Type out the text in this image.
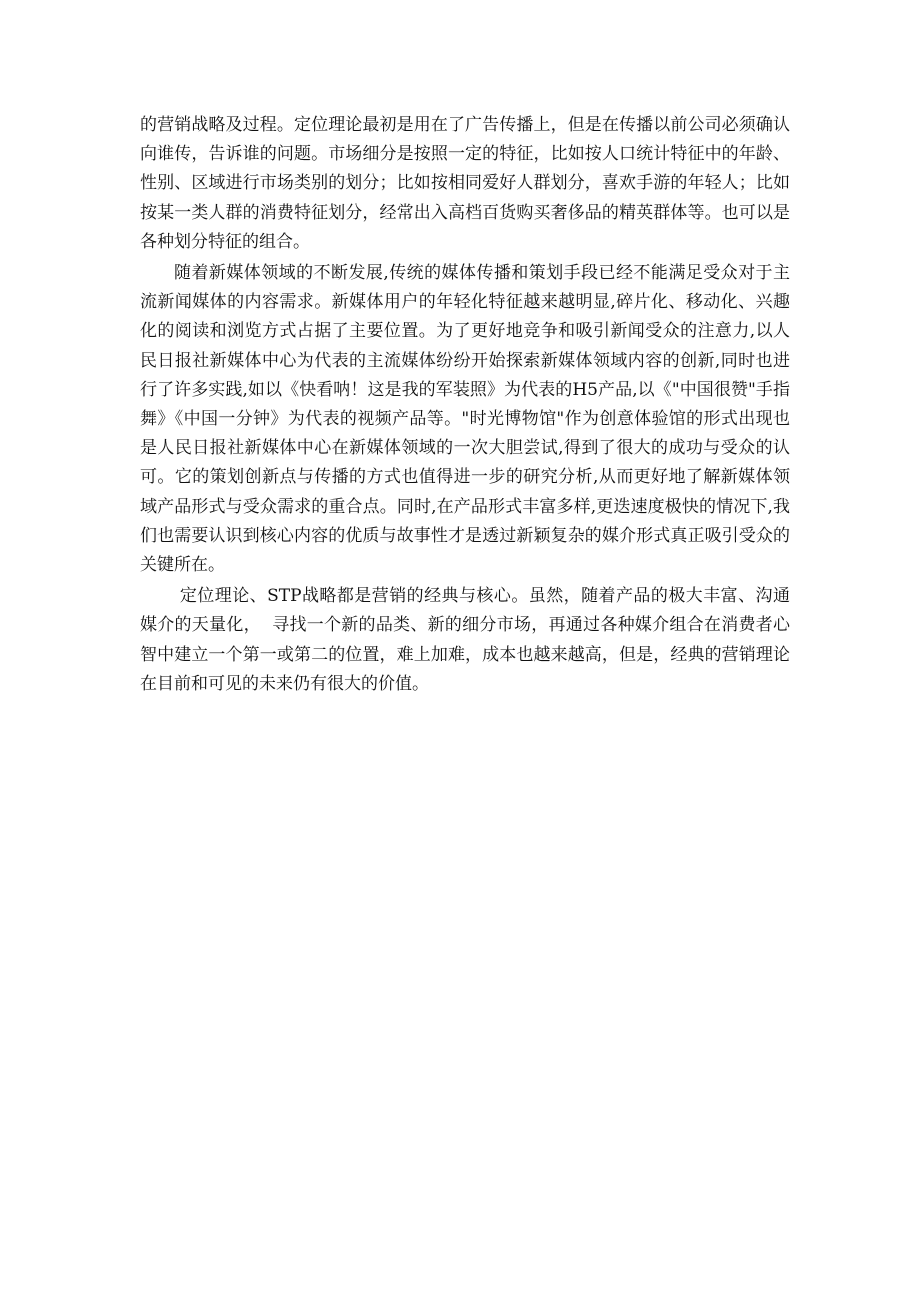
的营销战略及过程。定位理论最初是用在了广告传播上，但是在传播以前公司必须确认向谁传，告诉谁的问题。市场细分是按照一定的特征，比如按人口统计特征中的年龄、性别、区域进行市场类别的划分；比如按相同爱好人群划分，喜欢手游的年轻人；比如按某一类人群的消费特征划分，经常出入高档百货购买奢侈品的精英群体等。也可以是各种划分特征的组合。

随着新媒体领域的不断发展,传统的媒体传播和策划手段已经不能满足受众对于主流新闻媒体的内容需求。新媒体用户的年轻化特征越来越明显,碎片化、移动化、兴趣化的阅读和浏览方式占据了主要位置。为了更好地竞争和吸引新闻受众的注意力,以人民日报社新媒体中心为代表的主流媒体纷纷开始探索新媒体领域内容的创新,同时也进行了许多实践,如以《快看呐！这是我的军装照》为代表的H5产品,以《"中国很赞"手指舞》《中国一分钟》为代表的视频产品等。"时光博物馆"作为创意体验馆的形式出现也是人民日报社新媒体中心在新媒体领域的一次大胆尝试,得到了很大的成功与受众的认可。它的策划创新点与传播的方式也值得进一步的研究分析,从而更好地了解新媒体领域产品形式与受众需求的重合点。同时,在产品形式丰富多样,更迭速度极快的情况下,我们也需要认识到核心内容的优质与故事性才是透过新颖复杂的媒介形式真正吸引受众的关键所在。

定位理论、STP战略都是营销的经典与核心。虽然，随着产品的极大丰富、沟通媒介的天量化，  寻找一个新的品类、新的细分市场，再通过各种媒介组合在消费者心智中建立一个第一或第二的位置，难上加难，成本也越来越高，但是，经典的营销理论在目前和可见的未来仍有很大的价值。
